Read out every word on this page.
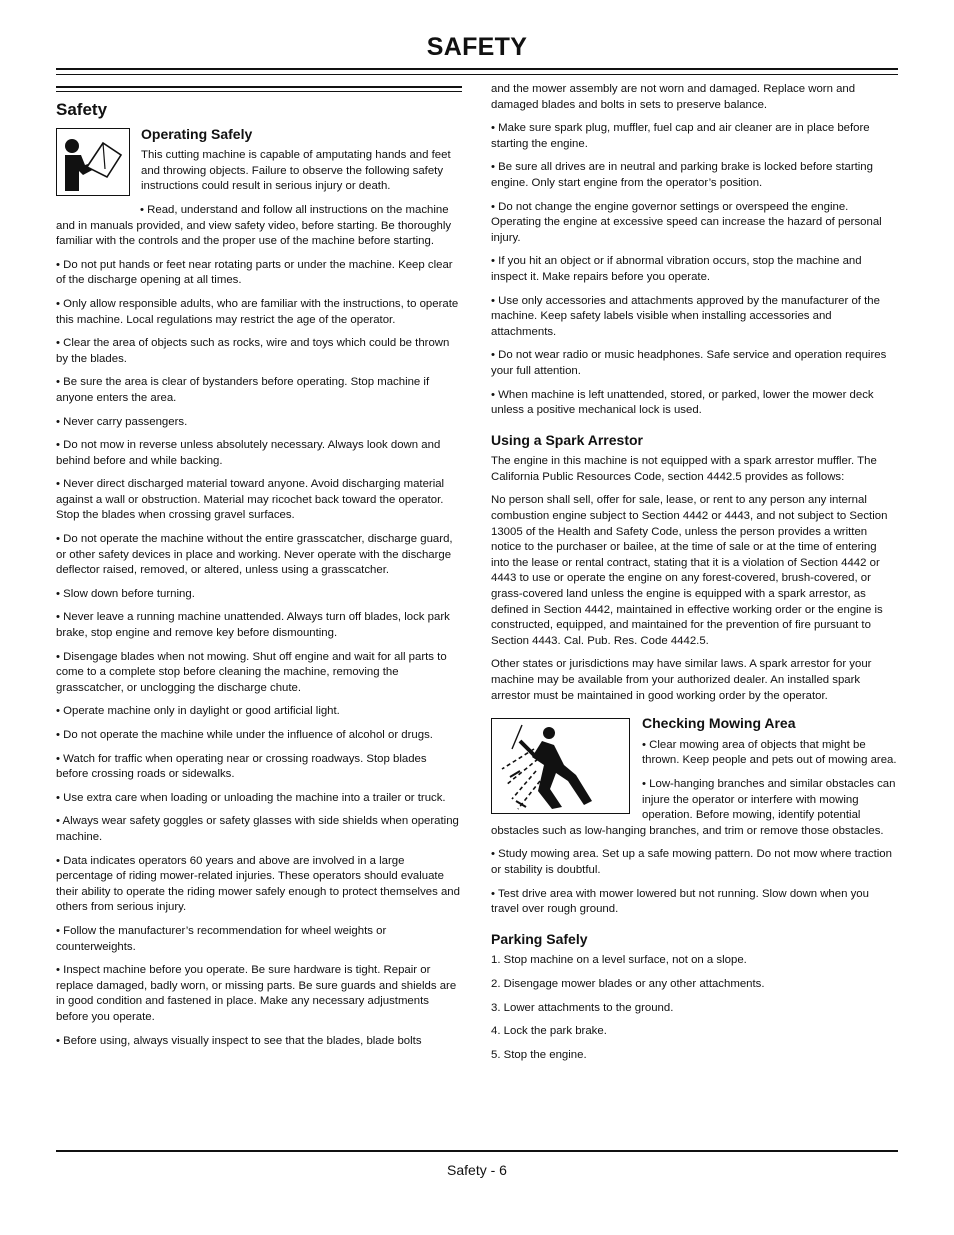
SAFETY
Safety
Operating Safely

This cutting machine is capable of amputating hands and feet and throwing objects. Failure to observe the following safety instructions could result in serious injury or death.

• Read, understand and follow all instructions on the machine and in manuals provided, and view safety video, before starting. Be thoroughly familiar with the controls and the proper use of the machine before starting.

• Do not put hands or feet near rotating parts or under the machine. Keep clear of the discharge opening at all times.

• Only allow responsible adults, who are familiar with the instructions, to operate this machine. Local regulations may restrict the age of the operator.

• Clear the area of objects such as rocks, wire and toys which could be thrown by the blades.

• Be sure the area is clear of bystanders before operating. Stop machine if anyone enters the area.

• Never carry passengers.

• Do not mow in reverse unless absolutely necessary. Always look down and behind before and while backing.

• Never direct discharged material toward anyone. Avoid discharging material against a wall or obstruction. Material may ricochet back toward the operator. Stop the blades when crossing gravel surfaces.

• Do not operate the machine without the entire grasscatcher, discharge guard, or other safety devices in place and working. Never operate with the discharge deflector raised, removed, or altered, unless using a grasscatcher.

• Slow down before turning.

• Never leave a running machine unattended. Always turn off blades, lock park brake, stop engine and remove key before dismounting.

• Disengage blades when not mowing. Shut off engine and wait for all parts to come to a complete stop before cleaning the machine, removing the grasscatcher, or unclogging the discharge chute.

• Operate machine only in daylight or good artificial light.

• Do not operate the machine while under the influence of alcohol or drugs.

• Watch for traffic when operating near or crossing roadways. Stop blades before crossing roads or sidewalks.

• Use extra care when loading or unloading the machine into a trailer or truck.

• Always wear safety goggles or safety glasses with side shields when operating machine.

• Data indicates operators 60 years and above are involved in a large percentage of riding mower-related injuries. These operators should evaluate their ability to operate the riding mower safely enough to protect themselves and others from serious injury.

• Follow the manufacturer’s recommendation for wheel weights or counterweights.

• Inspect machine before you operate. Be sure hardware is tight. Repair or replace damaged, badly worn, or missing parts. Be sure guards and shields are in good condition and fastened in place. Make any necessary adjustments before you operate.

• Before using, always visually inspect to see that the blades, blade bolts

and the mower assembly are not worn and damaged. Replace worn and damaged blades and bolts in sets to preserve balance.

• Make sure spark plug, muffler, fuel cap and air cleaner are in place before starting the engine.

• Be sure all drives are in neutral and parking brake is locked before starting engine. Only start engine from the operator’s position.

• Do not change the engine governor settings or overspeed the engine. Operating the engine at excessive speed can increase the hazard of personal injury.

• If you hit an object or if abnormal vibration occurs, stop the machine and inspect it. Make repairs before you operate.

• Use only accessories and attachments approved by the manufacturer of the machine. Keep safety labels visible when installing accessories and attachments.

• Do not wear radio or music headphones. Safe service and operation requires your full attention.

• When machine is left unattended, stored, or parked, lower the mower deck unless a positive mechanical lock is used.

Using a Spark Arrestor

The engine in this machine is not equipped with a spark arrestor muffler. The California Public Resources Code, section 4442.5 provides as follows:

No person shall sell, offer for sale, lease, or rent to any person any internal combustion engine subject to Section 4442 or 4443, and not subject to Section 13005 of the Health and Safety Code, unless the person provides a written notice to the purchaser or bailee, at the time of sale or at the time of entering into the lease or rental contract, stating that it is a violation of Section 4442 or 4443 to use or operate the engine on any forest-covered, brush-covered, or grass-covered land unless the engine is equipped with a spark arrestor, as defined in Section 4442, maintained in effective working order or the engine is constructed, equipped, and maintained for the prevention of fire pursuant to Section 4443. Cal. Pub. Res. Code 4442.5.

Other states or jurisdictions may have similar laws. A spark arrestor for your machine may be available from your authorized dealer. An installed spark arrestor must be maintained in good working order by the operator.

Checking Mowing Area

• Clear mowing area of objects that might be thrown. Keep people and pets out of mowing area.

• Low-hanging branches and similar obstacles can injure the operator or interfere with mowing operation. Before mowing, identify potential obstacles such as low-hanging branches, and trim or remove those obstacles.

• Study mowing area. Set up a safe mowing pattern. Do not mow where traction or stability is doubtful.

• Test drive area with mower lowered but not running. Slow down when you travel over rough ground.

Parking Safely

1. Stop machine on a level surface, not on a slope.

2. Disengage mower blades or any other attachments.

3. Lower attachments to the ground.

4. Lock the park brake.

5. Stop the engine.

Safety - 6
